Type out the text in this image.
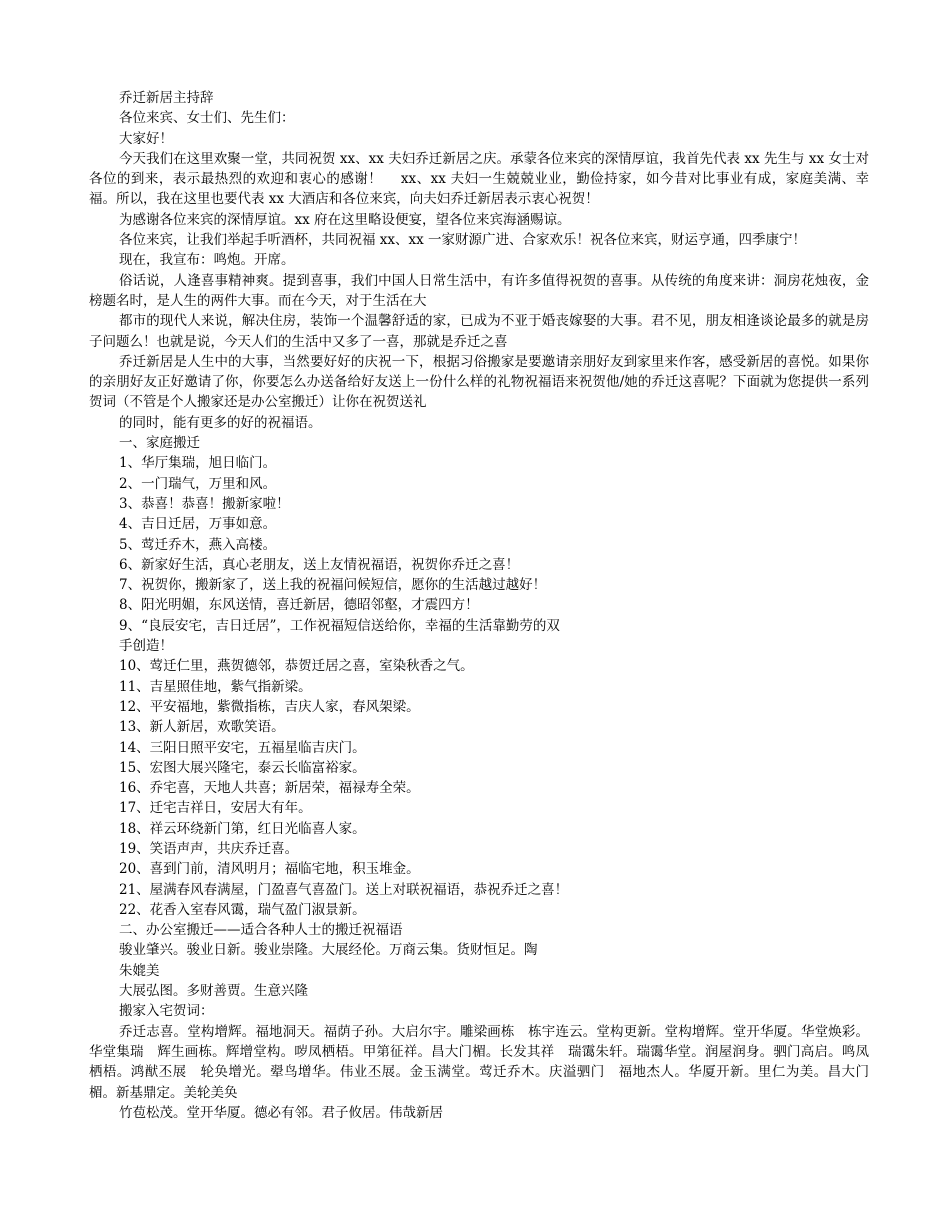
乔迁新居主持辞

各位来宾、女士们、先生们：

大家好！

今天我们在这里欢聚一堂，共同祝贺 xx、xx 夫妇乔迁新居之庆。承蒙各位来宾的深情厚谊，我首先代表 xx 先生与 xx 女士对各位的到来，表示最热烈的欢迎和衷心的感谢！　 xx、xx 夫妇一生兢兢业业，勤俭持家，如今昔对比事业有成，家庭美满、幸福。所以，我在这里也要代表 xx 大酒店和各位来宾，向夫妇乔迁新居表示衷心祝贺！

为感谢各位来宾的深情厚谊。xx 府在这里略设便宴，望各位来宾海涵赐谅。

各位来宾，让我们举起手听酒杯，共同祝福 xx、xx 一家财源广进、合家欢乐！祝各位来宾，财运亨通，四季康宁！

现在，我宣布：鸣炮。开席。

俗话说，人逢喜事精神爽。提到喜事，我们中国人日常生活中，有许多值得祝贺的喜事。从传统的角度来讲：洞房花烛夜，金榜题名时，是人生的两件大事。而在今天，对于生活在大

都市的现代人来说，解决住房，装饰一个温馨舒适的家，已成为不亚于婚丧嫁娶的大事。君不见，朋友相逢谈论最多的就是房子问题么！也就是说，今天人们的生活中又多了一喜，那就是乔迁之喜

乔迁新居是人生中的大事，当然要好好的庆祝一下，根据习俗搬家是要邀请亲朋好友到家里来作客，感受新居的喜悦。如果你的亲朋好友正好邀请了你，你要怎么办送备给好友送上一份什么样的礼物祝福语来祝贺他/她的乔迁这喜呢？下面就为您提供一系列贺词（不管是个人搬家还是办公室搬迁）让你在祝贺送礼

的同时，能有更多的好的祝福语。

一、家庭搬迁

1、华厅集瑞，旭日临门。

2、一门瑞气，万里和风。

3、恭喜！恭喜！搬新家啦！

4、吉日迁居，万事如意。

5、莺迁乔木，燕入高楼。

6、新家好生活，真心老朋友，送上友情祝福语，祝贺你乔迁之喜！

7、祝贺你，搬新家了，送上我的祝福问候短信，愿你的生活越过越好！

8、阳光明媚，东风送情，喜迁新居，德昭邻壑，才震四方！

9、“良辰安宅，吉日迁居”，工作祝福短信送给你，幸福的生活靠勤劳的双

手创造！

10、莺迁仁里，燕贺德邻，恭贺迁居之喜，室染秋香之气。

11、吉星照佳地，紫气指新梁。

12、平安福地，紫微指栋，吉庆人家，春风架梁。

13、新人新居，欢歌笑语。

14、三阳日照平安宅，五福星临吉庆门。

15、宏图大展兴隆宅，泰云长临富裕家。

16、乔宅喜，天地人共喜；新居荣，福禄寿全荣。

17、迁宅吉祥日，安居大有年。

18、祥云环绕新门第，红日光临喜人家。

19、笑语声声，共庆乔迁喜。

20、喜到门前，清风明月；福临宅地，积玉堆金。

21、屋满春风春满屋，门盈喜气喜盈门。送上对联祝福语，恭祝乔迁之喜！

22、花香入室春风霭，瑞气盈门淑景新。

二、办公室搬迁——适合各种人士的搬迁祝福语

骏业肇兴。骏业日新。骏业崇隆。大展经伦。万商云集。货财恒足。陶

朱媲美

大展弘图。多财善贾。生意兴隆

搬家入宅贺词：

乔迁志喜。堂构增辉。福地洞天。福荫子孙。大启尔宇。雕梁画栋　栋宇连云。堂构更新。堂构增辉。堂开华厦。华堂焕彩。华堂集瑞　辉生画栋。辉增堂构。哕凤栖梧。甲第征祥。昌大门楣。长发其祥　瑞霭朱轩。瑞霭华堂。润屋润身。驷门高启。鸣凤栖梧。鸿猷丕展　轮奂增光。翚鸟增华。伟业丕展。金玉满堂。莺迁乔木。庆溢驷门　福地杰人。华厦开新。里仁为美。昌大门楣。新基鼎定。美轮美奂

竹苞松茂。堂开华厦。德必有邻。君子攸居。伟哉新居
